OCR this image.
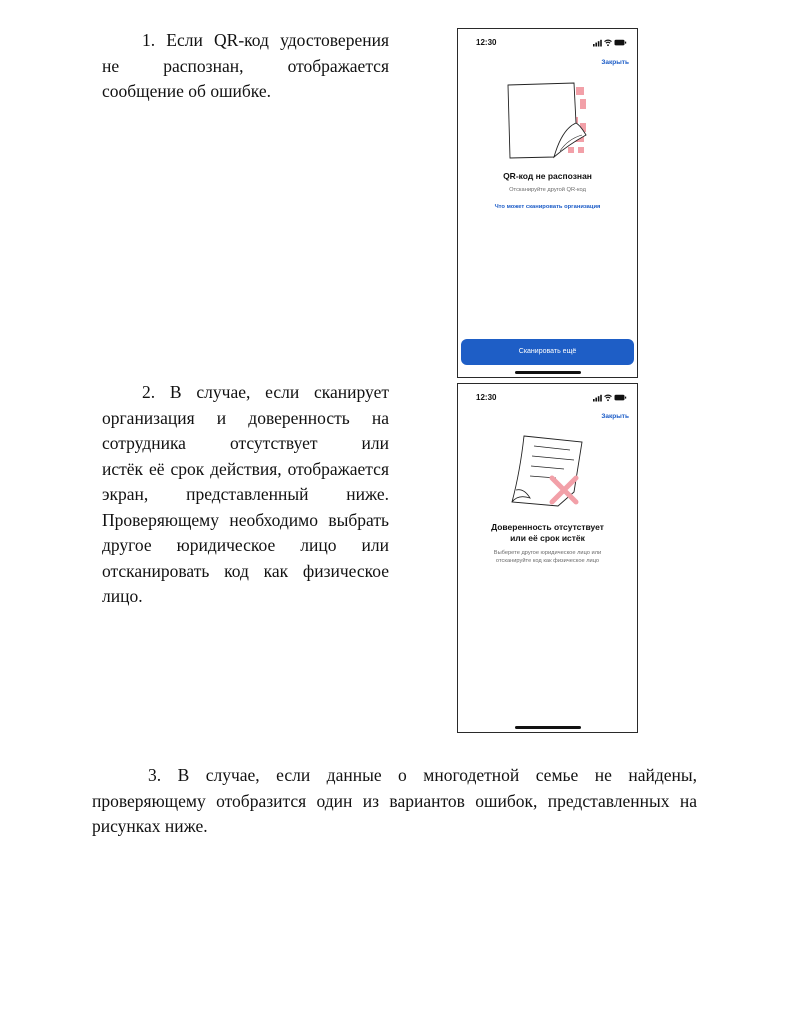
1. Если QR-код удостоверения
не распознан, отображается
сообщение об ошибке.
2. В случае, если сканирует
организация и доверенность на
сотрудника отсутствует или
истёк её срок действия, отображается
экран, представленный ниже.
Проверяющему необходимо выбрать
другое юридическое лицо или
отсканировать код как физическое
лицо.
3. В случае, если данные о многодетной семье не найдены,
проверяющему отобразится один из вариантов ошибок, представленных на
рисунках ниже.
12:30
Закрыть
QR-код не распознан
Отсканируйте другой QR-код
Что может сканировать организация
Сканировать ещё
12:30
Закрыть
Доверенность отсутствует
или её срок истёк
Выберете другое юридическое лицо или
отсканируйте код как физическое лицо
